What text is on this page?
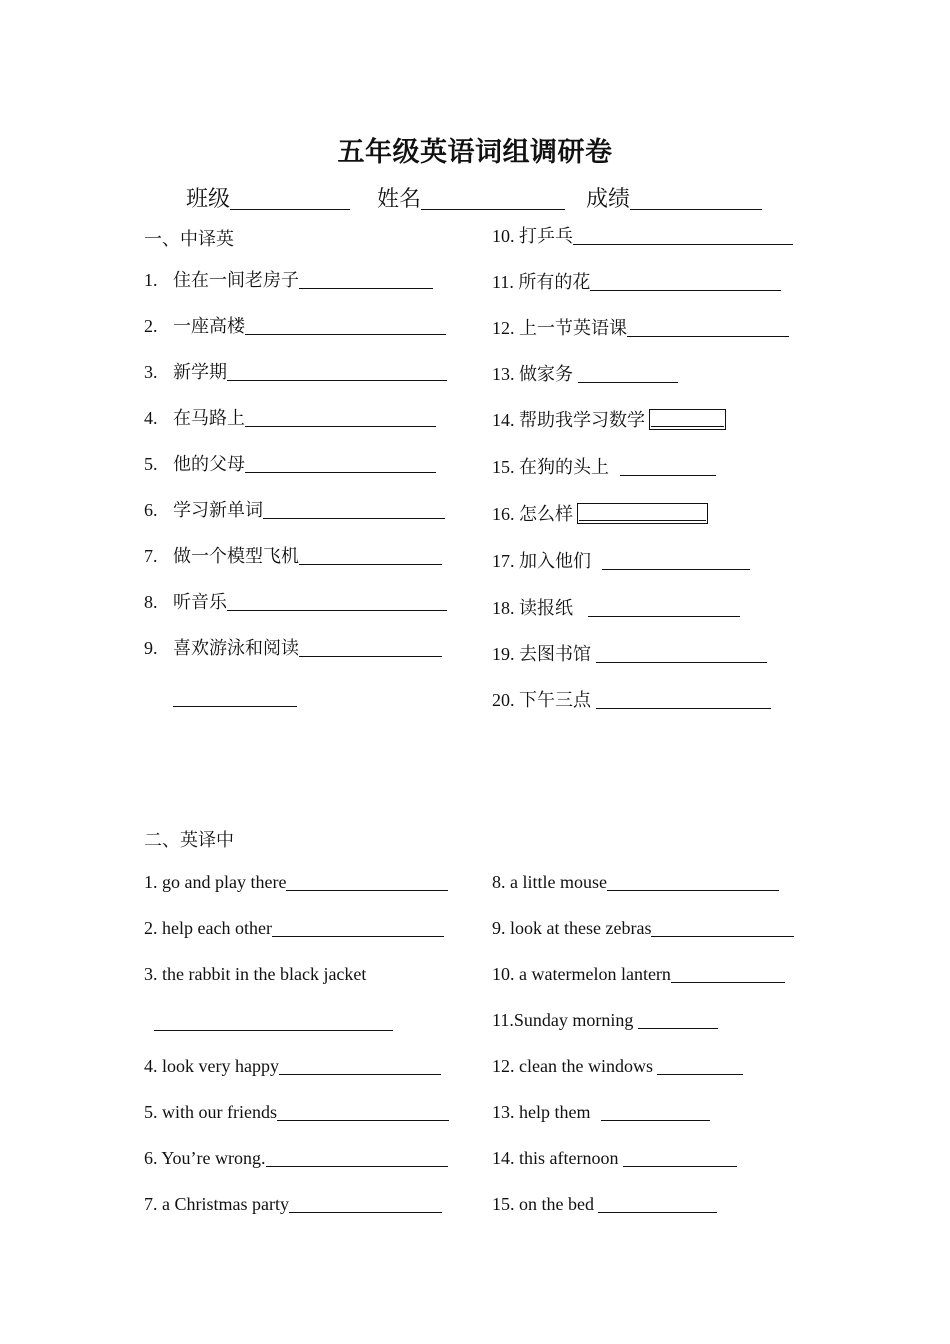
五年级英语词组调研卷
班级	姓名	成绩
一、中译英
1. 住在一间老房子
2. 一座高楼
3. 新学期
4. 在马路上
5. 他的父母
6. 学习新单词
7. 做一个模型飞机
8. 听音乐
9. 喜欢游泳和阅读
10. 打乒乓
11. 所有的花
12. 上一节英语课
13. 做家务
14. 帮助我学习数学
15. 在狗的头上
16. 怎么样
17. 加入他们
18. 读报纸
19. 去图书馆
20. 下午三点
二、英译中
1. go and play there
2. help each other
3. the rabbit in the black jacket
4. look very happy
5. with our friends
6. You’re wrong.
7. a Christmas party
8. a little mouse
9. look at these zebras
10. a watermelon lantern
11.Sunday morning
12. clean the windows
13. help them
14. this afternoon
15. on the bed
